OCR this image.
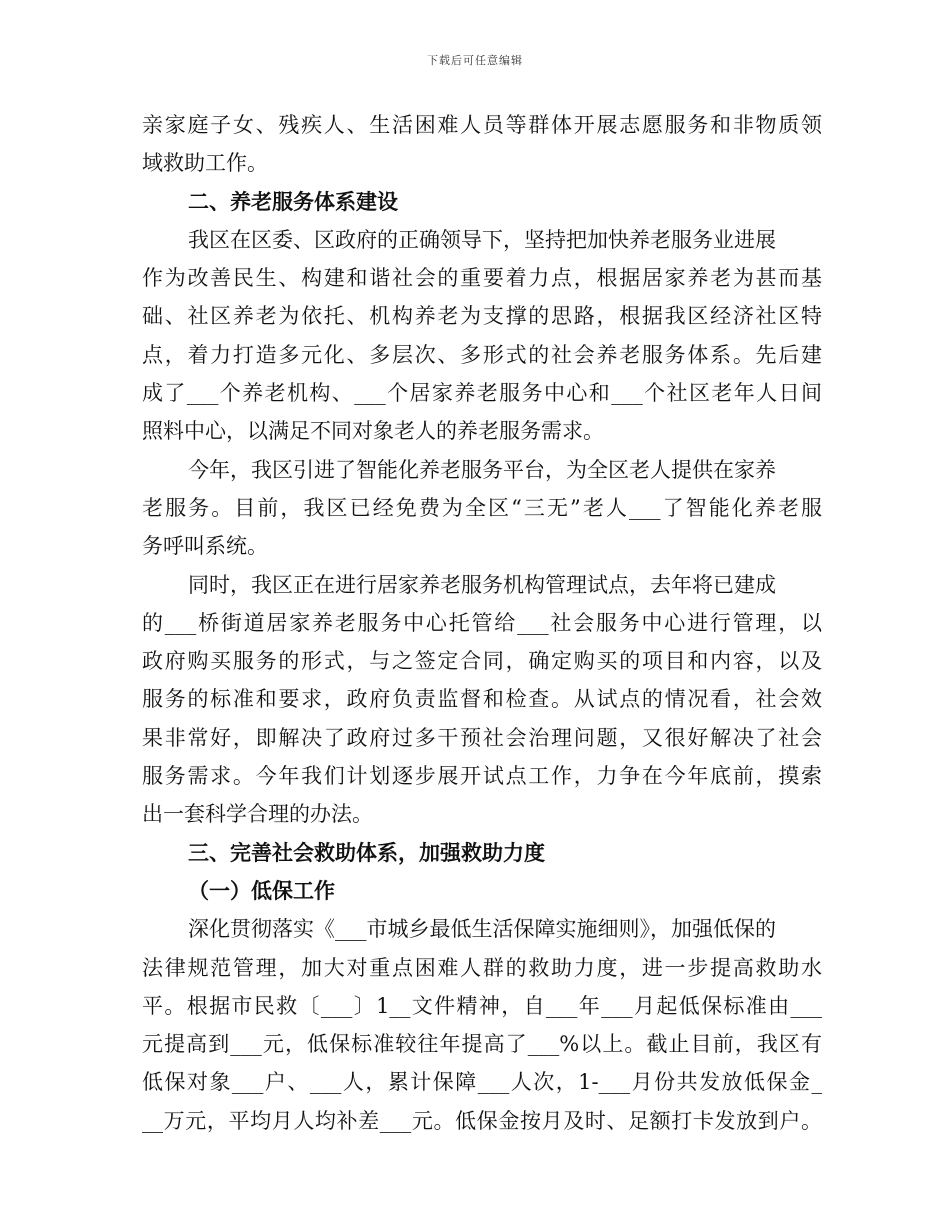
下载后可任意编辑
亲家庭子女、残疾人、生活困难人员等群体开展志愿服务和非物质领
域救助工作。
二、养老服务体系建设
我区在区委、区政府的正确领导下，坚持把加快养老服务业进展
作为改善民生、构建和谐社会的重要着力点，根据居家养老为甚而基
础、社区养老为依托、机构养老为支撑的思路，根据我区经济社区特
点，着力打造多元化、多层次、多形式的社会养老服务体系。先后建
成了___个养老机构、___个居家养老服务中心和___个社区老年人日间
照料中心，以满足不同对象老人的养老服务需求。
今年，我区引进了智能化养老服务平台，为全区老人提供在家养
老服务。目前，我区已经免费为全区“三无”老人___了智能化养老服
务呼叫系统。
同时，我区正在进行居家养老服务机构管理试点，去年将已建成
的___桥街道居家养老服务中心托管给___社会服务中心进行管理，以
政府购买服务的形式，与之签定合同，确定购买的项目和内容，以及
服务的标准和要求，政府负责监督和检查。从试点的情况看，社会效
果非常好，即解决了政府过多干预社会治理问题，又很好解决了社会
服务需求。今年我们计划逐步展开试点工作，力争在今年底前，摸索
出一套科学合理的办法。
三、完善社会救助体系，加强救助力度
（一）低保工作
深化贯彻落实《___市城乡最低生活保障实施细则》，加强低保的
法律规范管理，加大对重点困难人群的救助力度，进一步提高救助水
平。根据市民救〔___〕1__文件精神，自___年___月起低保标准由___
元提高到___元，低保标准较往年提高了___%以上。截止目前，我区有
低保对象___户、___人，累计保障___人次，1-___月份共发放低保金_
__万元，平均月人均补差___元。低保金按月及时、足额打卡发放到户。
